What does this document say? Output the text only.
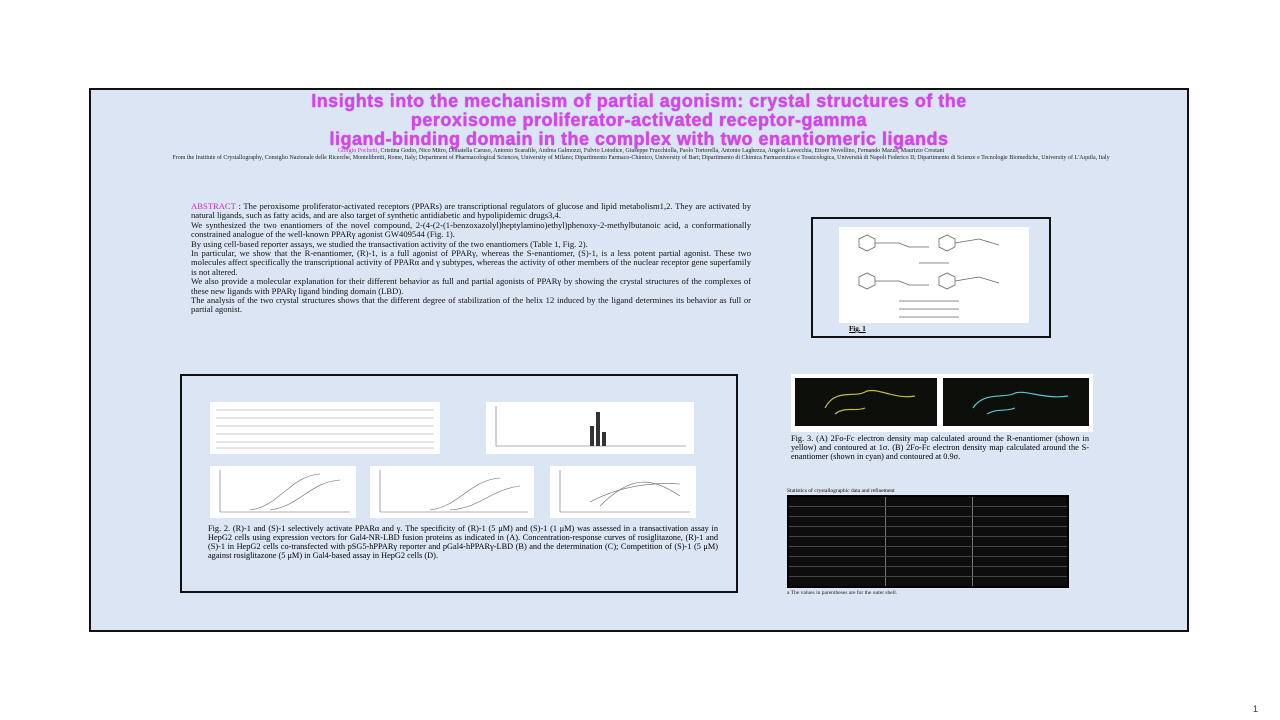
Insights into the mechanism of partial agonism: crystal structures of the
peroxisome proliferator-activated receptor-gamma
ligand-binding domain in the complex with two enantiomeric ligands
Giorgio Pochetti, Cristina Godio, Nico Mitro, Donatella Caruso, Antonio Scarafile, Andrea Galmozzi, Fulvio Loiodice, Giuseppe Fracchiolla, Paolo Tortorella, Antonio Laghezza, Angelo Lavecchia, Ettore Novellino, Fernando Mazza, Maurizio Crestani
From the Institute of Crystallography, Consiglio Nazionale delle Ricerche, Montelibretti, Rome, Italy; Department of Pharmacological Sciences, University of Milano; Dipartimento Farmaco-Chimico, University of Bari; Dipartimento di Chimica Farmaceutica e Tossicologica, Università di Napoli Federico II; Dipartimento di Scienze e Tecnologie Biomediche, University of L'Aquila, Italy

ABSTRACT : The peroxisome proliferator-activated receptors (PPARs) are transcriptional regulators of glucose and lipid metabolism1,2. They are activated by natural ligands, such as fatty acids, and are also target of synthetic antidiabetic and hypolipidemic drugs3,4.

We synthesized the two enantiomers of the novel compound, 2-(4-(2-(1-benzoxazolyl)heptylamino)ethyl)phenoxy-2-methylbutanoic acid, a conformationally constrained analogue of the well-known PPARγ agonist GW409544 (Fig. 1).

By using cell-based reporter assays, we studied the transactivation activity of the two enantiomers (Table 1, Fig. 2).

In particular, we show that the R-enantiomer, (R)-1, is a full agonist of PPARγ, whereas the S-enantiomer, (S)-1, is a less potent partial agonist. These two molecules affect specifically the transcriptional activity of PPARα and γ subtypes, whereas the activity of other members of the nuclear receptor gene superfamily is not altered.

We also provide a molecular explanation for their different behavior as full and partial agonists of PPARγ by showing the crystal structures of the complexes of these new ligands with PPARγ ligand binding domain (LBD).

The analysis of the two crystal structures shows that the different degree of stabilization of the helix 12 induced by the ligand determines its behavior as full or partial agonist.

Fig. 1
Fig. 2. (R)-1 and (S)-1 selectively activate PPARα and γ. The specificity of (R)-1 (5 μM) and (S)-1 (1 μM) was assessed in a transactivation assay in HepG2 cells using expression vectors for Gal4-NR-LBD fusion proteins as indicated in (A). Concentration-response curves of rosiglitazone, (R)-1 and (S)-1 in HepG2 cells co-transfected with pSG5-hPPARγ reporter and pGal4-hPPARγ-LBD (B) and the determination (C); Competition of (S)-1 (5 μM) against rosiglitazone (5 μM) in Gal4-based assay in HepG2 cells (D).
Fig. 3. (A) 2Fo-Fc electron density map calculated around the R-enantiomer (shown in yellow) and contoured at 1σ. (B) 2Fo-Fc electron density map calculated around the S-enantiomer (shown in cyan) and contoured at 0.9σ.
Statistics of crystallographic data and refinement

a The values in parentheses are for the outer shell.
1
